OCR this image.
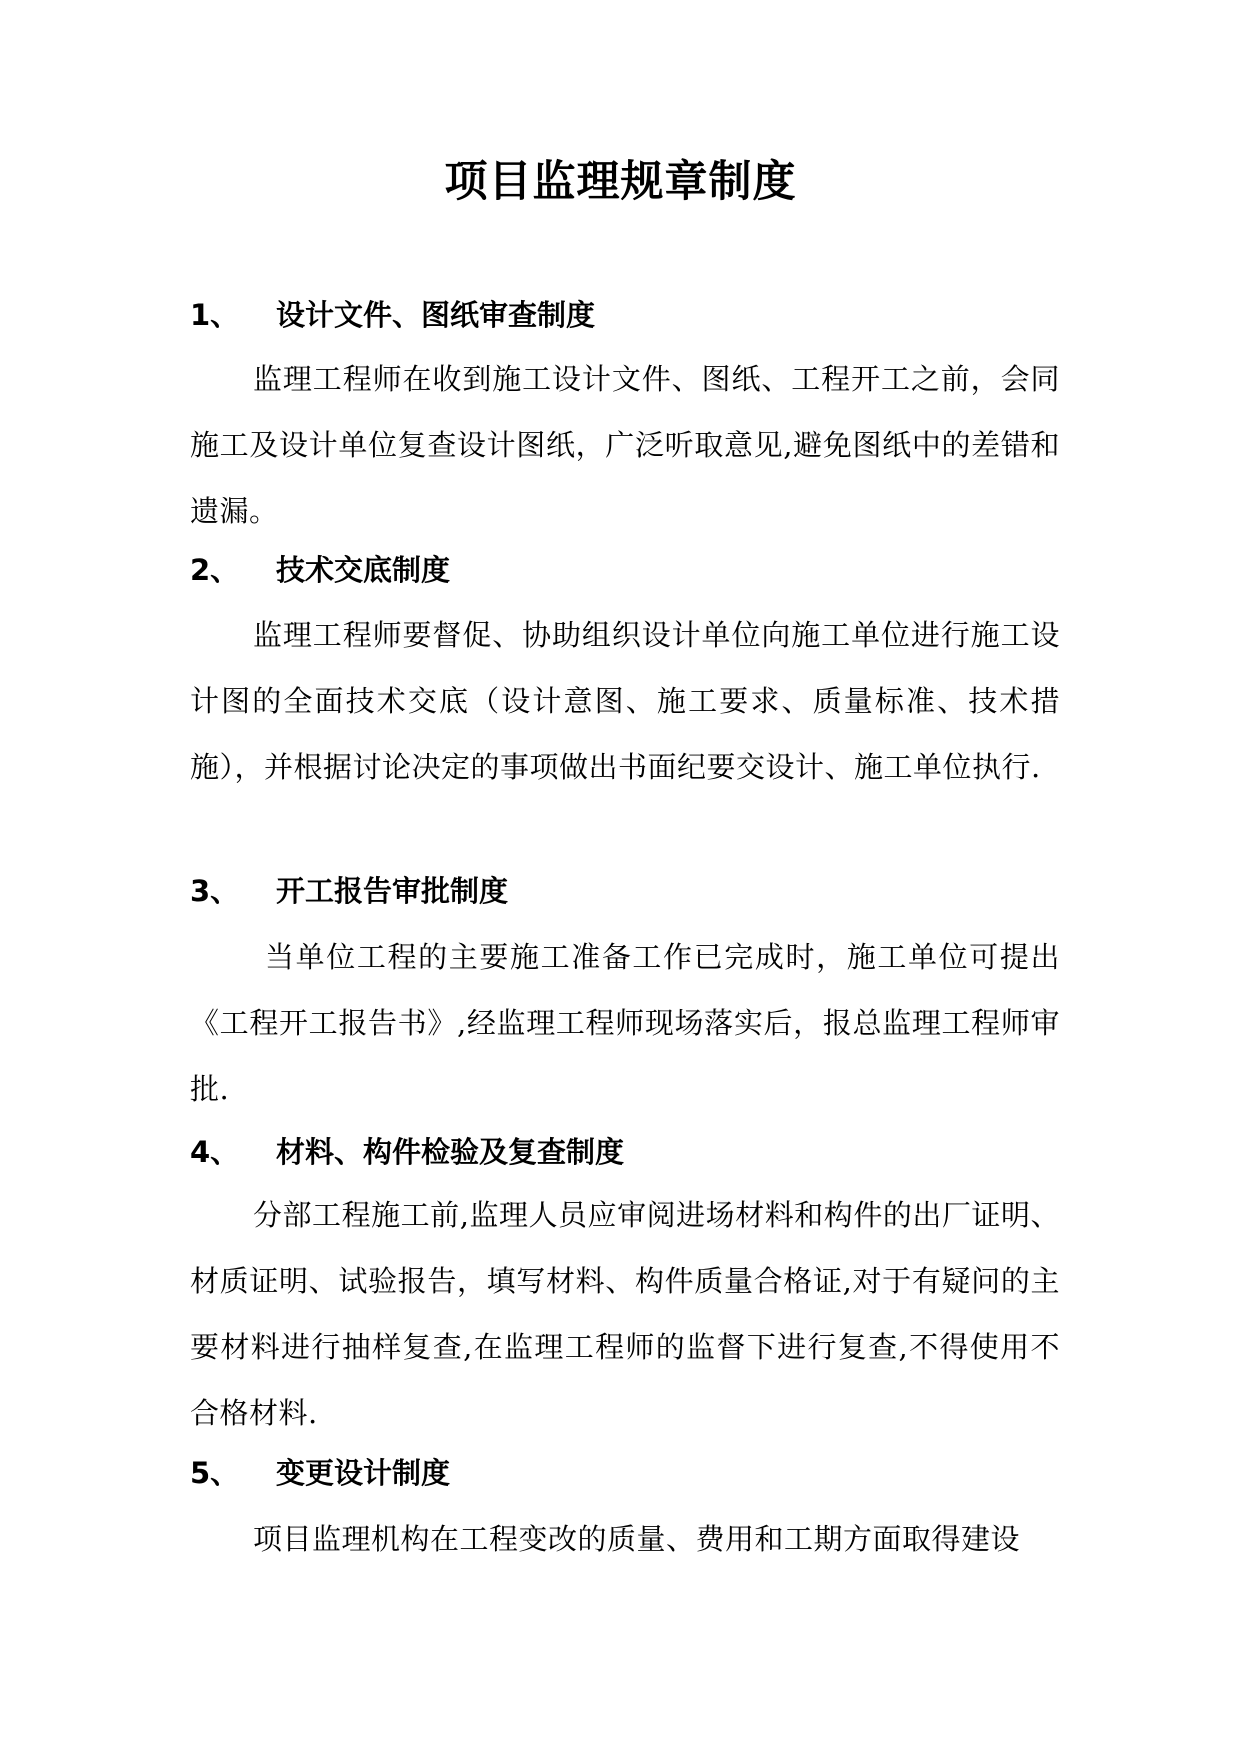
项目监理规章制度
1、 设计文件、图纸审查制度
监理工程师在收到施工设计文件、图纸、工程开工之前，会同施工及设计单位复查设计图纸，广泛听取意见,避免图纸中的差错和遗漏。
2、 技术交底制度
监理工程师要督促、协助组织设计单位向施工单位进行施工设计图的全面技术交底（设计意图、施工要求、质量标准、技术措施），并根据讨论决定的事项做出书面纪要交设计、施工单位执行.
3、 开工报告审批制度
当单位工程的主要施工准备工作已完成时，施工单位可提出《工程开工报告书》,经监理工程师现场落实后，报总监理工程师审批.
4、 材料、构件检验及复查制度
分部工程施工前,监理人员应审阅进场材料和构件的出厂证明、材质证明、试验报告，填写材料、构件质量合格证,对于有疑问的主要材料进行抽样复查,在监理工程师的监督下进行复查,不得使用不合格材料.
5、 变更设计制度
项目监理机构在工程变改的质量、费用和工期方面取得建设
